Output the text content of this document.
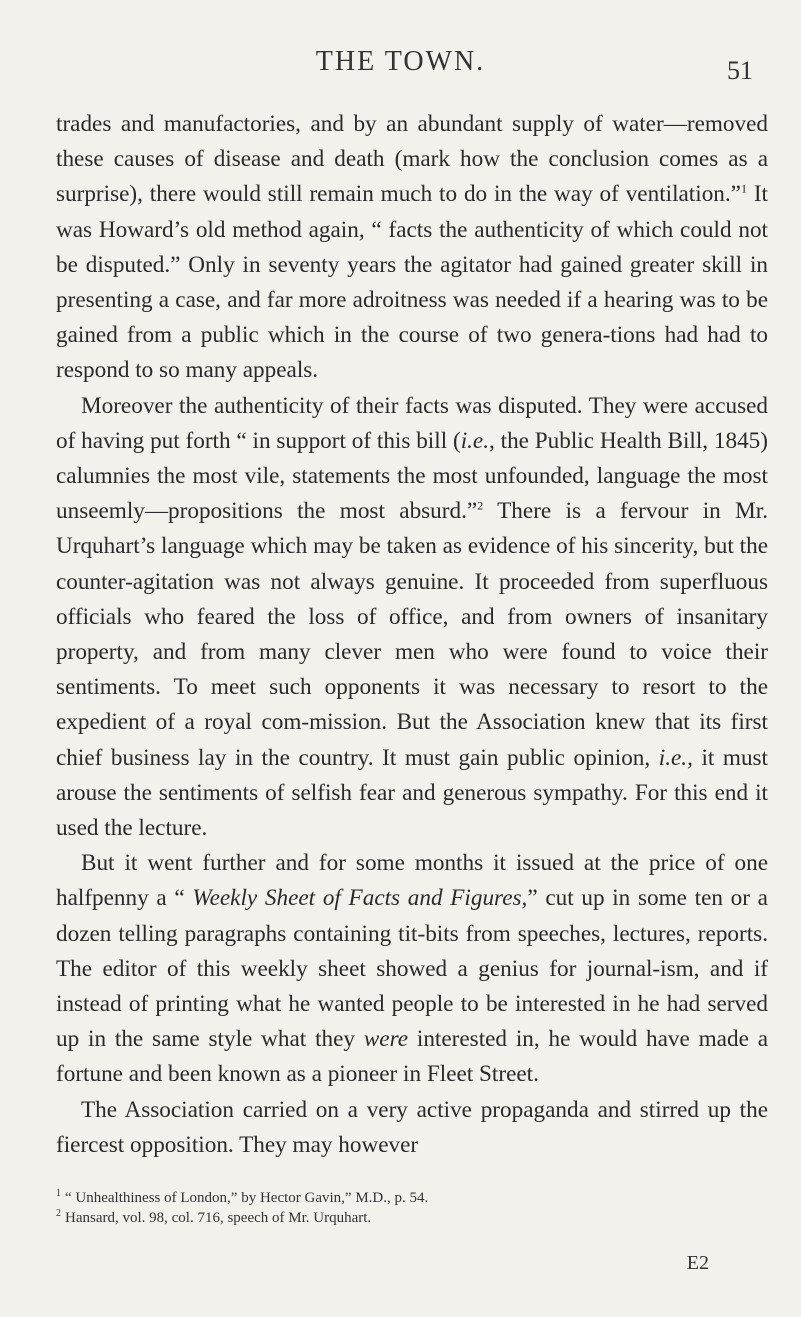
THE TOWN.	51

trades and manufactories, and by an abundant supply of water—removed these causes of disease and death (mark how the conclusion comes as a surprise), there would still remain much to do in the way of ventilation.”$^1$ It was Howard’s old method again, “ facts the authenticity of which could not be disputed.” Only in seventy years the agitator had gained greater skill in presenting a case, and far more adroitness was needed if a hearing was to be gained from a public which in the course of two genera-tions had had to respond to so many appeals.

Moreover the authenticity of their facts was disputed. They were accused of having put forth “ in support of this bill (i.e., the Public Health Bill, 1845) calumnies the most vile, statements the most unfounded, language the most unseemly—propositions the most absurd.”$^2$ There is a fervour in Mr. Urquhart’s language which may be taken as evidence of his sincerity, but the counter-agitation was not always genuine. It proceeded from superfluous officials who feared the loss of office, and from owners of insanitary property, and from many clever men who were found to voice their sentiments. To meet such opponents it was necessary to resort to the expedient of a royal com-mission. But the Association knew that its first chief business lay in the country. It must gain public opinion, i.e., it must arouse the sentiments of selfish fear and generous sympathy. For this end it used the lecture.

But it went further and for some months it issued at the price of one halfpenny a “ Weekly Sheet of Facts and Figures,” cut up in some ten or a dozen telling paragraphs containing tit-bits from speeches, lectures, reports. The editor of this weekly sheet showed a genius for journal-ism, and if instead of printing what he wanted people to be interested in he had served up in the same style what they were interested in, he would have made a fortune and been known as a pioneer in Fleet Street.

The Association carried on a very active propaganda and stirred up the fiercest opposition. They may however

$^1$ “ Unhealthiness of London,” by Hector Gavin,” M.D., p. 54.

$^2$ Hansard, vol. 98, col. 716, speech of Mr. Urquhart.

E2
